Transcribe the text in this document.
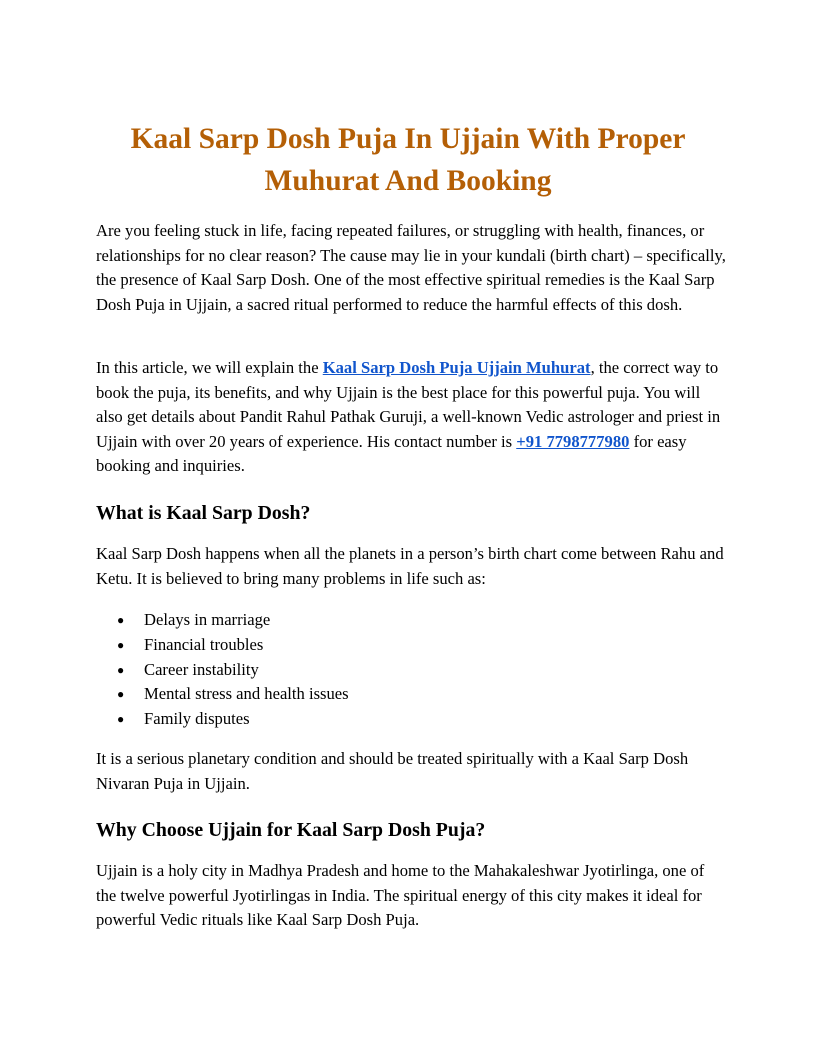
Kaal Sarp Dosh Puja In Ujjain With Proper Muhurat And Booking

Are you feeling stuck in life, facing repeated failures, or struggling with health, finances, or relationships for no clear reason? The cause may lie in your kundali (birth chart) – specifically, the presence of Kaal Sarp Dosh. One of the most effective spiritual remedies is the Kaal Sarp Dosh Puja in Ujjain, a sacred ritual performed to reduce the harmful effects of this dosh.

In this article, we will explain the Kaal Sarp Dosh Puja Ujjain Muhurat, the correct way to book the puja, its benefits, and why Ujjain is the best place for this powerful puja. You will also get details about Pandit Rahul Pathak Guruji, a well-known Vedic astrologer and priest in Ujjain with over 20 years of experience. His contact number is +91 7798777980 for easy booking and inquiries.

What is Kaal Sarp Dosh?

Kaal Sarp Dosh happens when all the planets in a person’s birth chart come between Rahu and Ketu. It is believed to bring many problems in life such as:

● Delays in marriage
● Financial troubles
● Career instability
● Mental stress and health issues
● Family disputes

It is a serious planetary condition and should be treated spiritually with a Kaal Sarp Dosh Nivaran Puja in Ujjain.

Why Choose Ujjain for Kaal Sarp Dosh Puja?

Ujjain is a holy city in Madhya Pradesh and home to the Mahakaleshwar Jyotirlinga, one of the twelve powerful Jyotirlingas in India. The spiritual energy of this city makes it ideal for powerful Vedic rituals like Kaal Sarp Dosh Puja.
